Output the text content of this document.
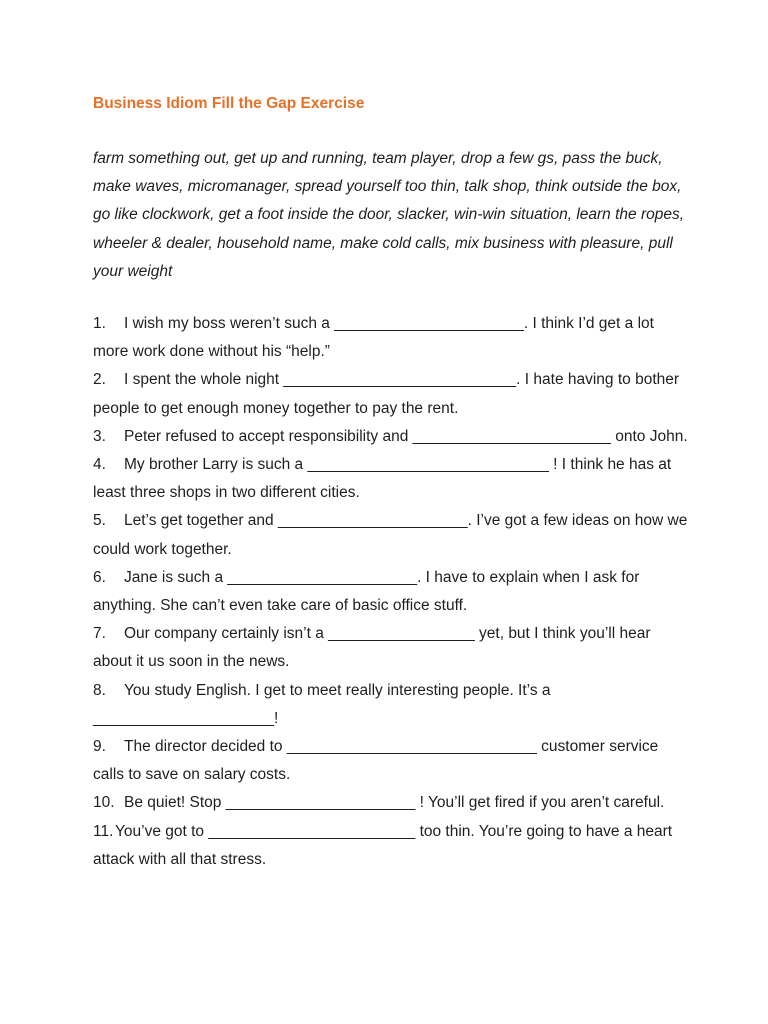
Business Idiom Fill the Gap Exercise

farm something out, get up and running, team player, drop a few gs, pass the buck, make waves, micromanager, spread yourself too thin, talk shop, think outside the box, go like clockwork, get a foot inside the door, slacker, win-win situation, learn the ropes, wheeler & dealer, household name, make cold calls, mix business with pleasure, pull your weight

1. I wish my boss weren’t such a ______________________. I think I’d get a lot more work done without his “help.”
2. I spent the whole night ___________________________. I hate having to bother people to get enough money together to pay the rent.
3. Peter refused to accept responsibility and _______________________ onto John.
4. My brother Larry is such a ____________________________ ! I think he has at least three shops in two different cities.
5. Let’s get together and ______________________. I’ve got a few ideas on how we could work together.
6. Jane is such a ______________________. I have to explain when I ask for anything. She can’t even take care of basic office stuff.
7. Our company certainly isn’t a _________________ yet, but I think you’ll hear about it us soon in the news.
8. You study English. I get to meet really interesting people. It’s a _____________________!
9. The director decided to _____________________________ customer service calls to save on salary costs.
10. Be quiet! Stop ______________________ ! You’ll get fired if you aren’t careful.
11. You’ve got to ________________________ too thin. You’re going to have a heart attack with all that stress.
